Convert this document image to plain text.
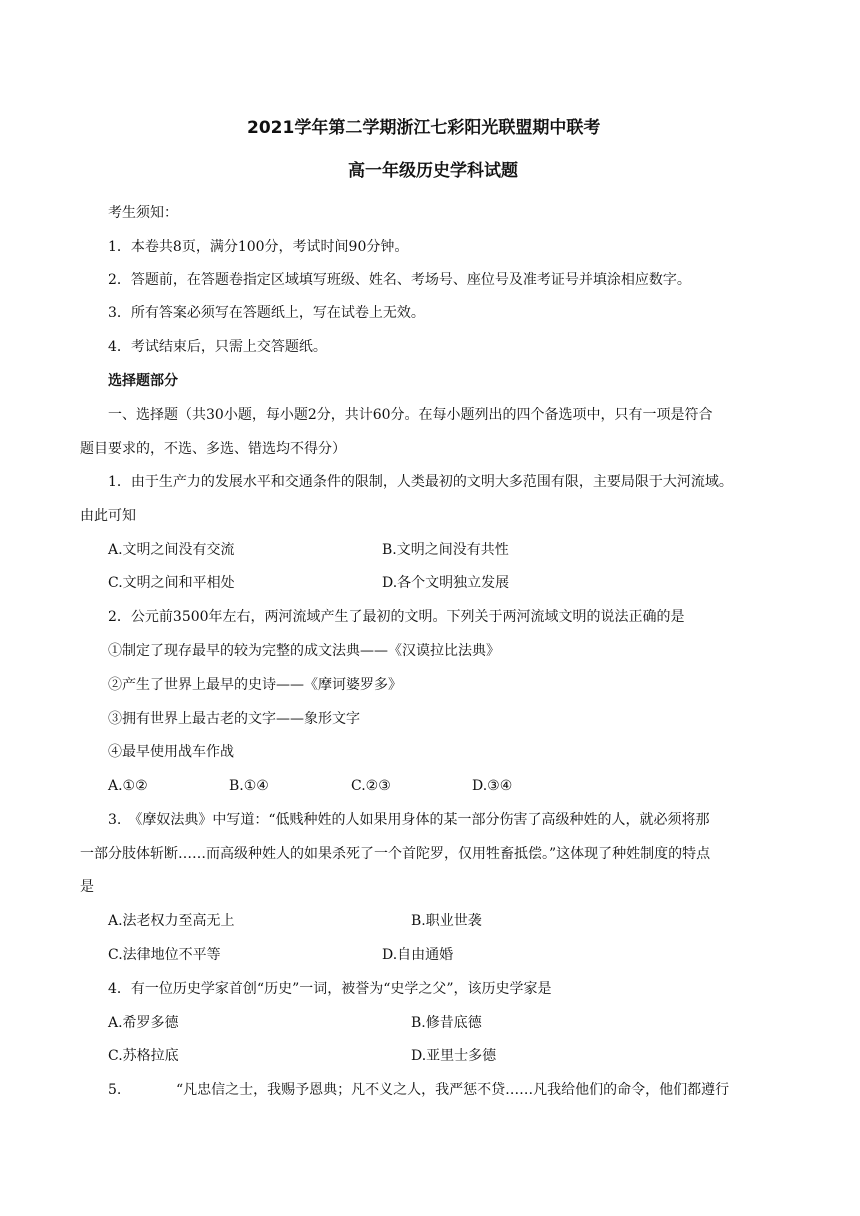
2021学年第二学期浙江七彩阳光联盟期中联考
高一年级历史学科试题
考生须知：
1．本卷共8页，满分100分，考试时间90分钟。
2．答题前，在答题卷指定区域填写班级、姓名、考场号、座位号及准考证号并填涂相应数字。
3．所有答案必须写在答题纸上，写在试卷上无效。
4．考试结束后，只需上交答题纸。
选择题部分
一、选择题（共30小题，每小题2分，共计60分。在每小题列出的四个备选项中，只有一项是符合
题目要求的，不选、多选、错选均不得分）
1．由于生产力的发展水平和交通条件的限制，人类最初的文明大多范围有限，主要局限于大河流域。
由此可知
A.文明之间没有交流	B.文明之间没有共性
C.文明之间和平相处	D.各个文明独立发展
2．公元前3500年左右，两河流域产生了最初的文明。下列关于两河流域文明的说法正确的是
①制定了现存最早的较为完整的成文法典——《汉谟拉比法典》
②产生了世界上最早的史诗——《摩诃婆罗多》
③拥有世界上最古老的文字——象形文字
④最早使用战车作战
A.①②	B.①④	C.②③	D.③④
3.　《摩奴法典》中写道：“低贱种姓的人如果用身体的某一部分伤害了高级种姓的人，就必须将那
一部分肢体斩断……而高级种姓人的如果杀死了一个首陀罗，仅用牲畜抵偿。”这体现了种姓制度的特点
是
A.法老权力至高无上	B.职业世袭
C.法律地位不平等	D.自由通婚
4．有一位历史学家首创“历史”一词，被誉为“史学之父”，该历史学家是
A.希罗多德	B.修昔底德
C.苏格拉底	D.亚里士多德
5.	“凡忠信之士，我赐予恩典；凡不义之人，我严惩不贷……凡我给他们的命令，他们都遵行
